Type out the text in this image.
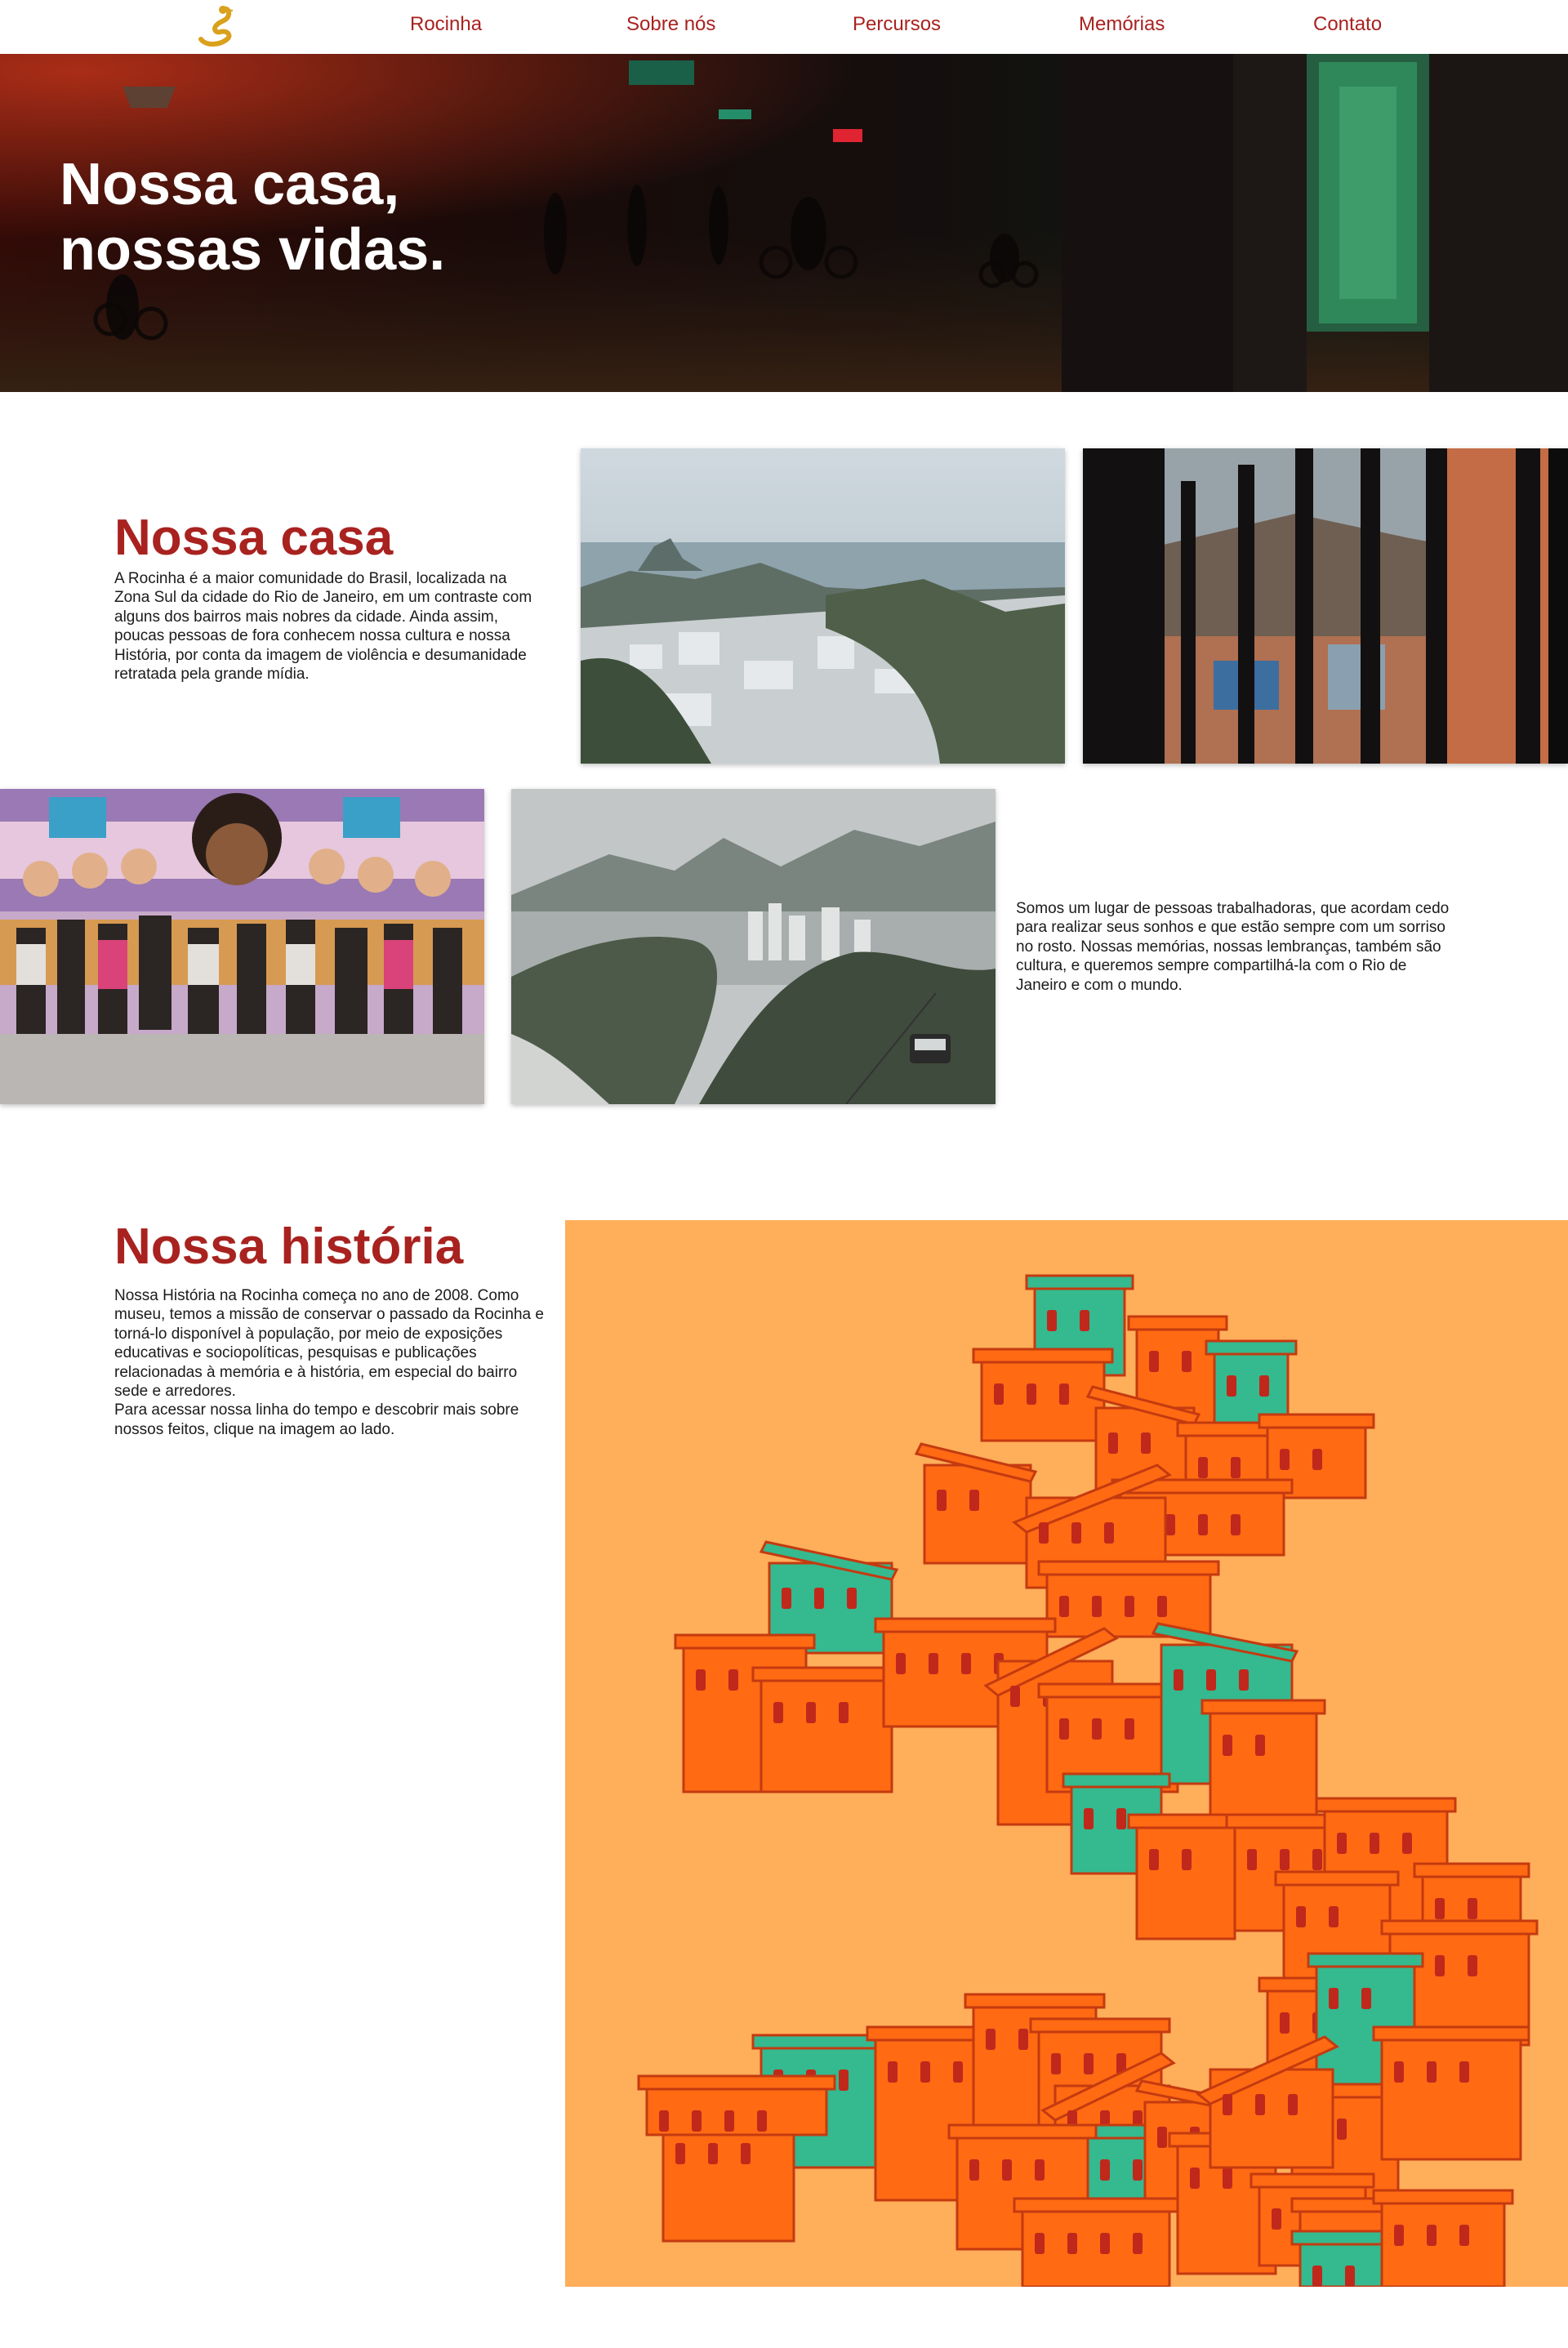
Rocinha	Sobre nós	Percursos	Memórias	Contato
Nossa casa,
nossas vidas.
Nossa casa

A Rocinha é a maior comunidade do Brasil, localizada na Zona Sul da cidade do Rio de Janeiro, em um contraste com alguns dos bairros mais nobres da cidade. Ainda assim, poucas pessoas de fora conhecem nossa cultura e nossa História, por conta da imagem de violência e desumanidade retratada pela grande mídia.

Somos um lugar de pessoas trabalhadoras, que acordam cedo para realizar seus sonhos e que estão sempre com um sorriso no rosto. Nossas memórias, nossas lembranças, também são cultura, e queremos sempre compartilhá-la com o Rio de Janeiro e com o mundo.

Nossa história

Nossa História na Rocinha começa no ano de 2008. Como museu, temos a missão de conservar o passado da Rocinha e torná-lo disponível à população, por meio de exposições educativas e sociopolíticas, pesquisas e publicações relacionadas à memória e à história, em especial do bairro sede e arredores.
Para acessar nossa linha do tempo e descobrir mais sobre nossos feitos, clique na imagem ao lado.
